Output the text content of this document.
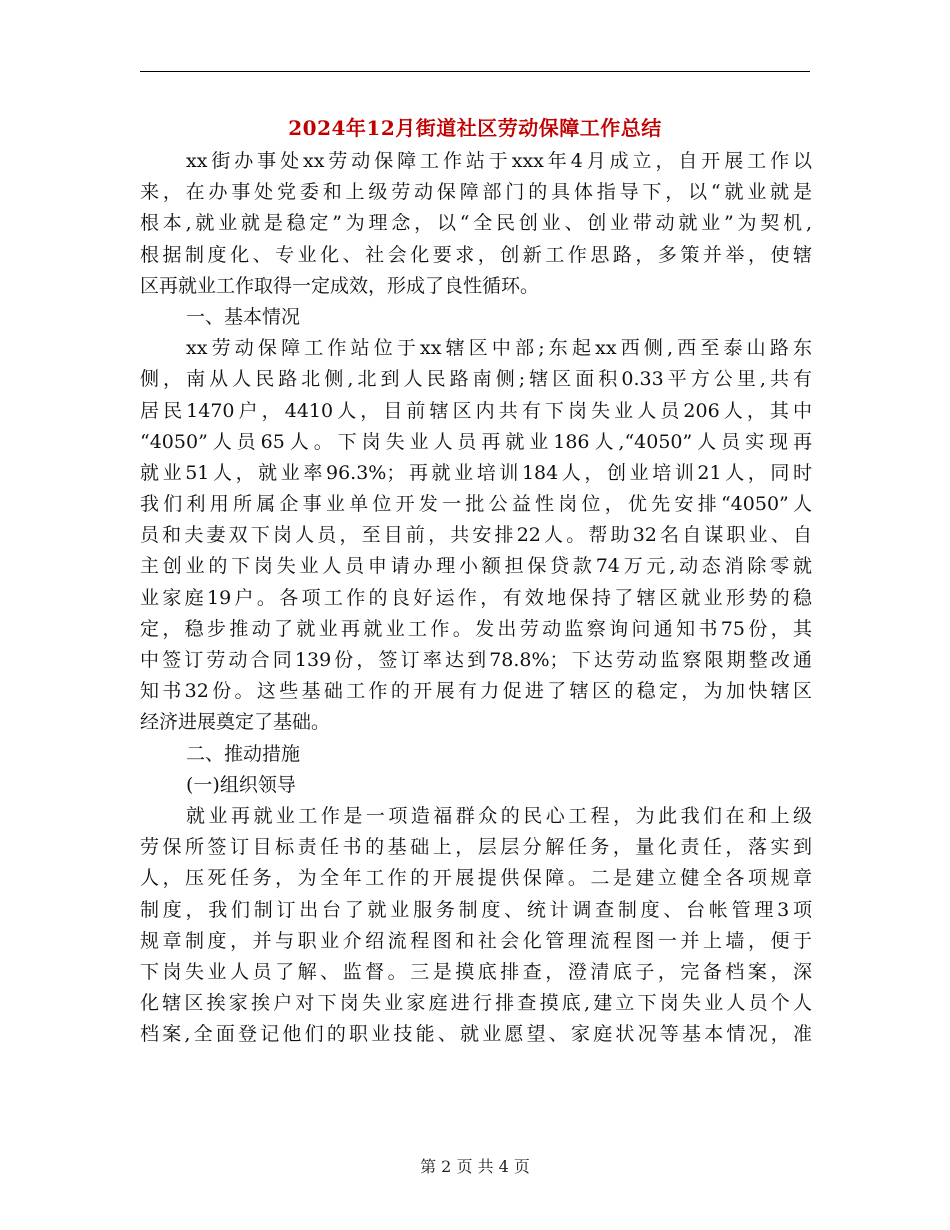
2024年12月街道社区劳动保障工作总结
xx街办事处xx劳动保障工作站于xxx年4月成立，自开展工作以
来，在办事处党委和上级劳动保障部门的具体指导下，以“就业就是
根本,就业就是稳定”为理念，以“全民创业、创业带动就业”为契机,
根据制度化、专业化、社会化要求，创新工作思路，多策并举，使辖
区再就业工作取得一定成效，形成了良性循环。
一、基本情况
xx劳动保障工作站位于xx辖区中部;东起xx西侧,西至泰山路东
侧，南从人民路北侧,北到人民路南侧;辖区面积0.33平方公里,共有
居民1470户，4410人，目前辖区内共有下岗失业人员206人，其中
“4050”人员65人。下岗失业人员再就业186人,“4050”人员实现再
就业51人，就业率96.3%；再就业培训184人，创业培训21人，同时
我们利用所属企事业单位开发一批公益性岗位，优先安排“4050”人
员和夫妻双下岗人员，至目前，共安排22人。帮助32名自谋职业、自
主创业的下岗失业人员申请办理小额担保贷款74万元,动态消除零就
业家庭19户。各项工作的良好运作，有效地保持了辖区就业形势的稳
定，稳步推动了就业再就业工作。发出劳动监察询问通知书75份，其
中签订劳动合同139份，签订率达到78.8%；下达劳动监察限期整改通
知书32份。这些基础工作的开展有力促进了辖区的稳定，为加快辖区
经济进展奠定了基础。
二、推动措施
(一)组织领导
就业再就业工作是一项造福群众的民心工程，为此我们在和上级
劳保所签订目标责任书的基础上，层层分解任务，量化责任，落实到
人，压死任务，为全年工作的开展提供保障。二是建立健全各项规章
制度，我们制订出台了就业服务制度、统计调查制度、台帐管理3项
规章制度，并与职业介绍流程图和社会化管理流程图一并上墙，便于
下岗失业人员了解、监督。三是摸底排查，澄清底子，完备档案，深
化辖区挨家挨户对下岗失业家庭进行排查摸底,建立下岗失业人员个人
档案,全面登记他们的职业技能、就业愿望、家庭状况等基本情况，准
第 2 页 共 4 页
